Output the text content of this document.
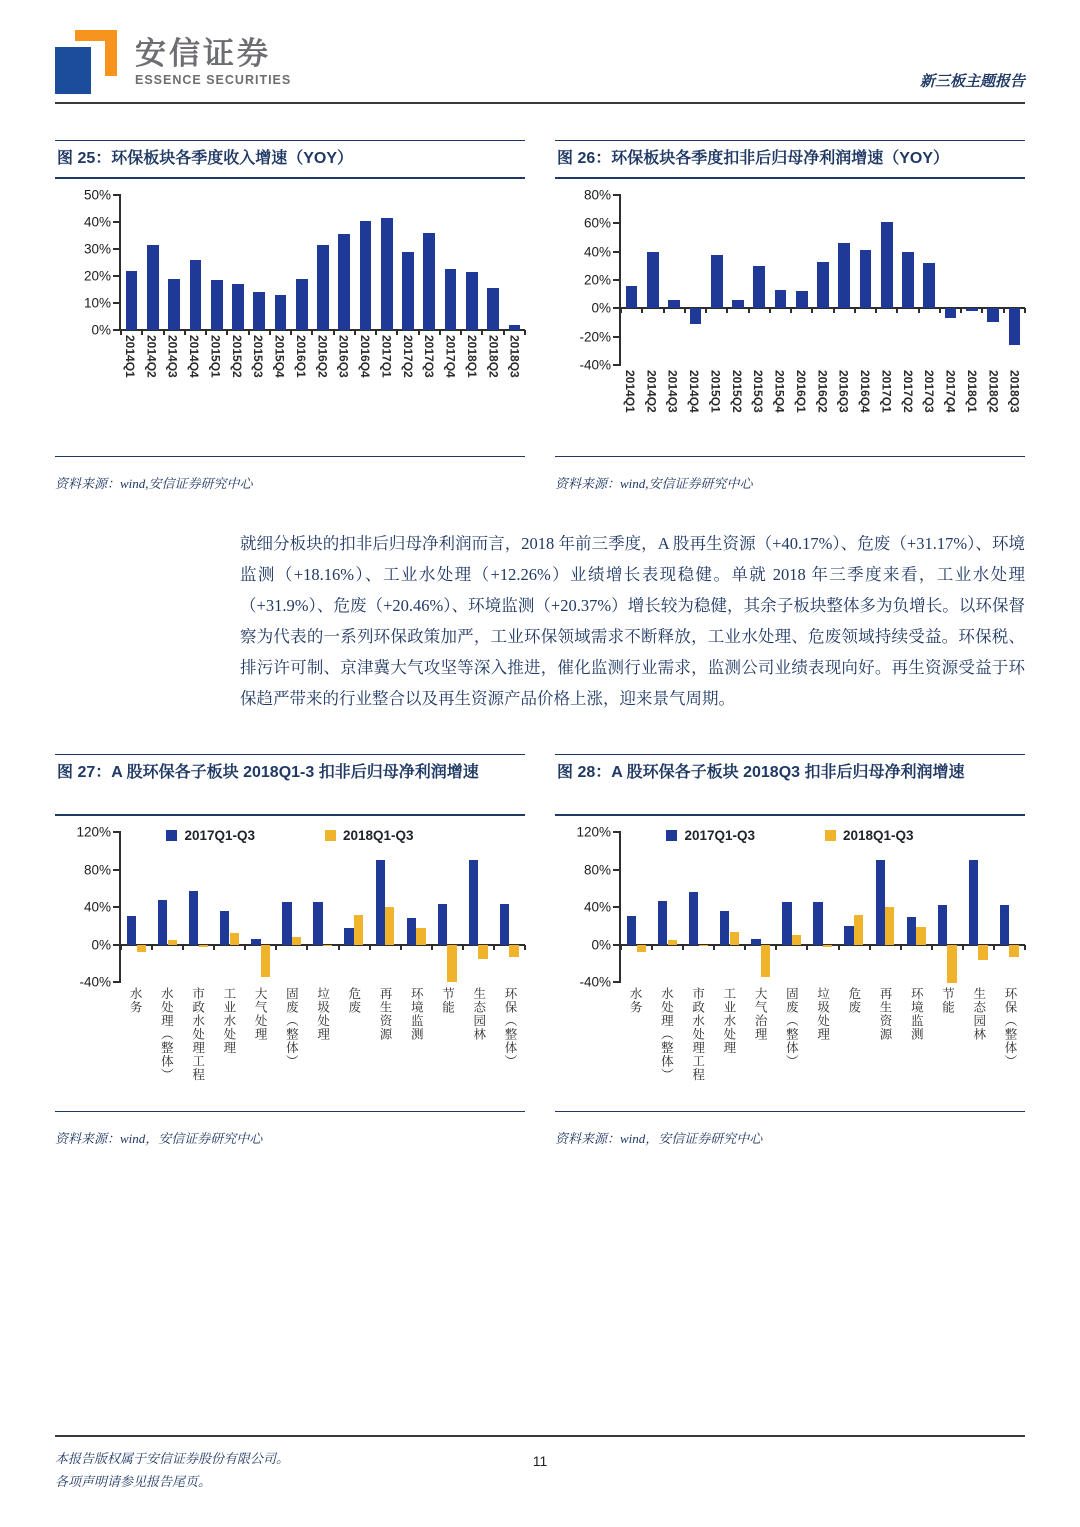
安信证券
ESSENCE SECURITIES	新三板主题报告
图 25：环保板块各季度收入增速（YOY）
50%
40%
30%
20%
10%
0%
2014Q1 2014Q2 2014Q3 2014Q4 2015Q1 2015Q2 2015Q3 2015Q4 2016Q1 2016Q2 2016Q3 2016Q4 2017Q1 2017Q2 2017Q3 2017Q4 2018Q1 2018Q2 2018Q3
资料来源：wind,安信证券研究中心
图 26：环保板块各季度扣非后归母净利润增速（YOY）
80%
60%
40%
20%
0%
-20%
-40%
2014Q1 2014Q2 2014Q3 2014Q4 2015Q1 2015Q2 2015Q3 2015Q4 2016Q1 2016Q2 2016Q3 2016Q4 2017Q1 2017Q2 2017Q3 2017Q4 2018Q1 2018Q2 2018Q3
资料来源：wind,安信证券研究中心
就细分板块的扣非后归母净利润而言，2018 年前三季度，A 股再生资源（+40.17%）、危废（+31.17%）、环境监测（+18.16%）、工业水处理（+12.26%）业绩增长表现稳健。单就 2018 年三季度来看，工业水处理（+31.9%）、危废（+20.46%）、环境监测（+20.37%）增长较为稳健，其余子板块整体多为负增长。以环保督察为代表的一系列环保政策加严，工业环保领域需求不断释放，工业水处理、危废领域持续受益。环保税、排污许可制、京津冀大气攻坚等深入推进，催化监测行业需求，监测公司业绩表现向好。再生资源受益于环保趋严带来的行业整合以及再生资源产品价格上涨，迎来景气周期。
图 27：A 股环保各子板块 2018Q1-3 扣非后归母净利润增速
2017Q1-Q3	2018Q1-Q3
120%
80%
40%
0%
-40%
水务 水处理（整体） 市政水处理工程 工业水处理 大气处理 固废（整体） 垃圾处理 危废 再生资源 环境监测 节能 生态园林 环保（整体）
资料来源：wind，安信证券研究中心
图 28：A 股环保各子板块 2018Q3 扣非后归母净利润增速
2017Q1-Q3	2018Q1-Q3
120%
80%
40%
0%
-40%
水务 水处理（整体） 市政水处理工程 工业水处理 大气治理 固废（整体） 垃圾处理 危废 再生资源 环境监测 节能 生态园林 环保（整体）
资料来源：wind，安信证券研究中心
本报告版权属于安信证券股份有限公司。
各项声明请参见报告尾页。
11
